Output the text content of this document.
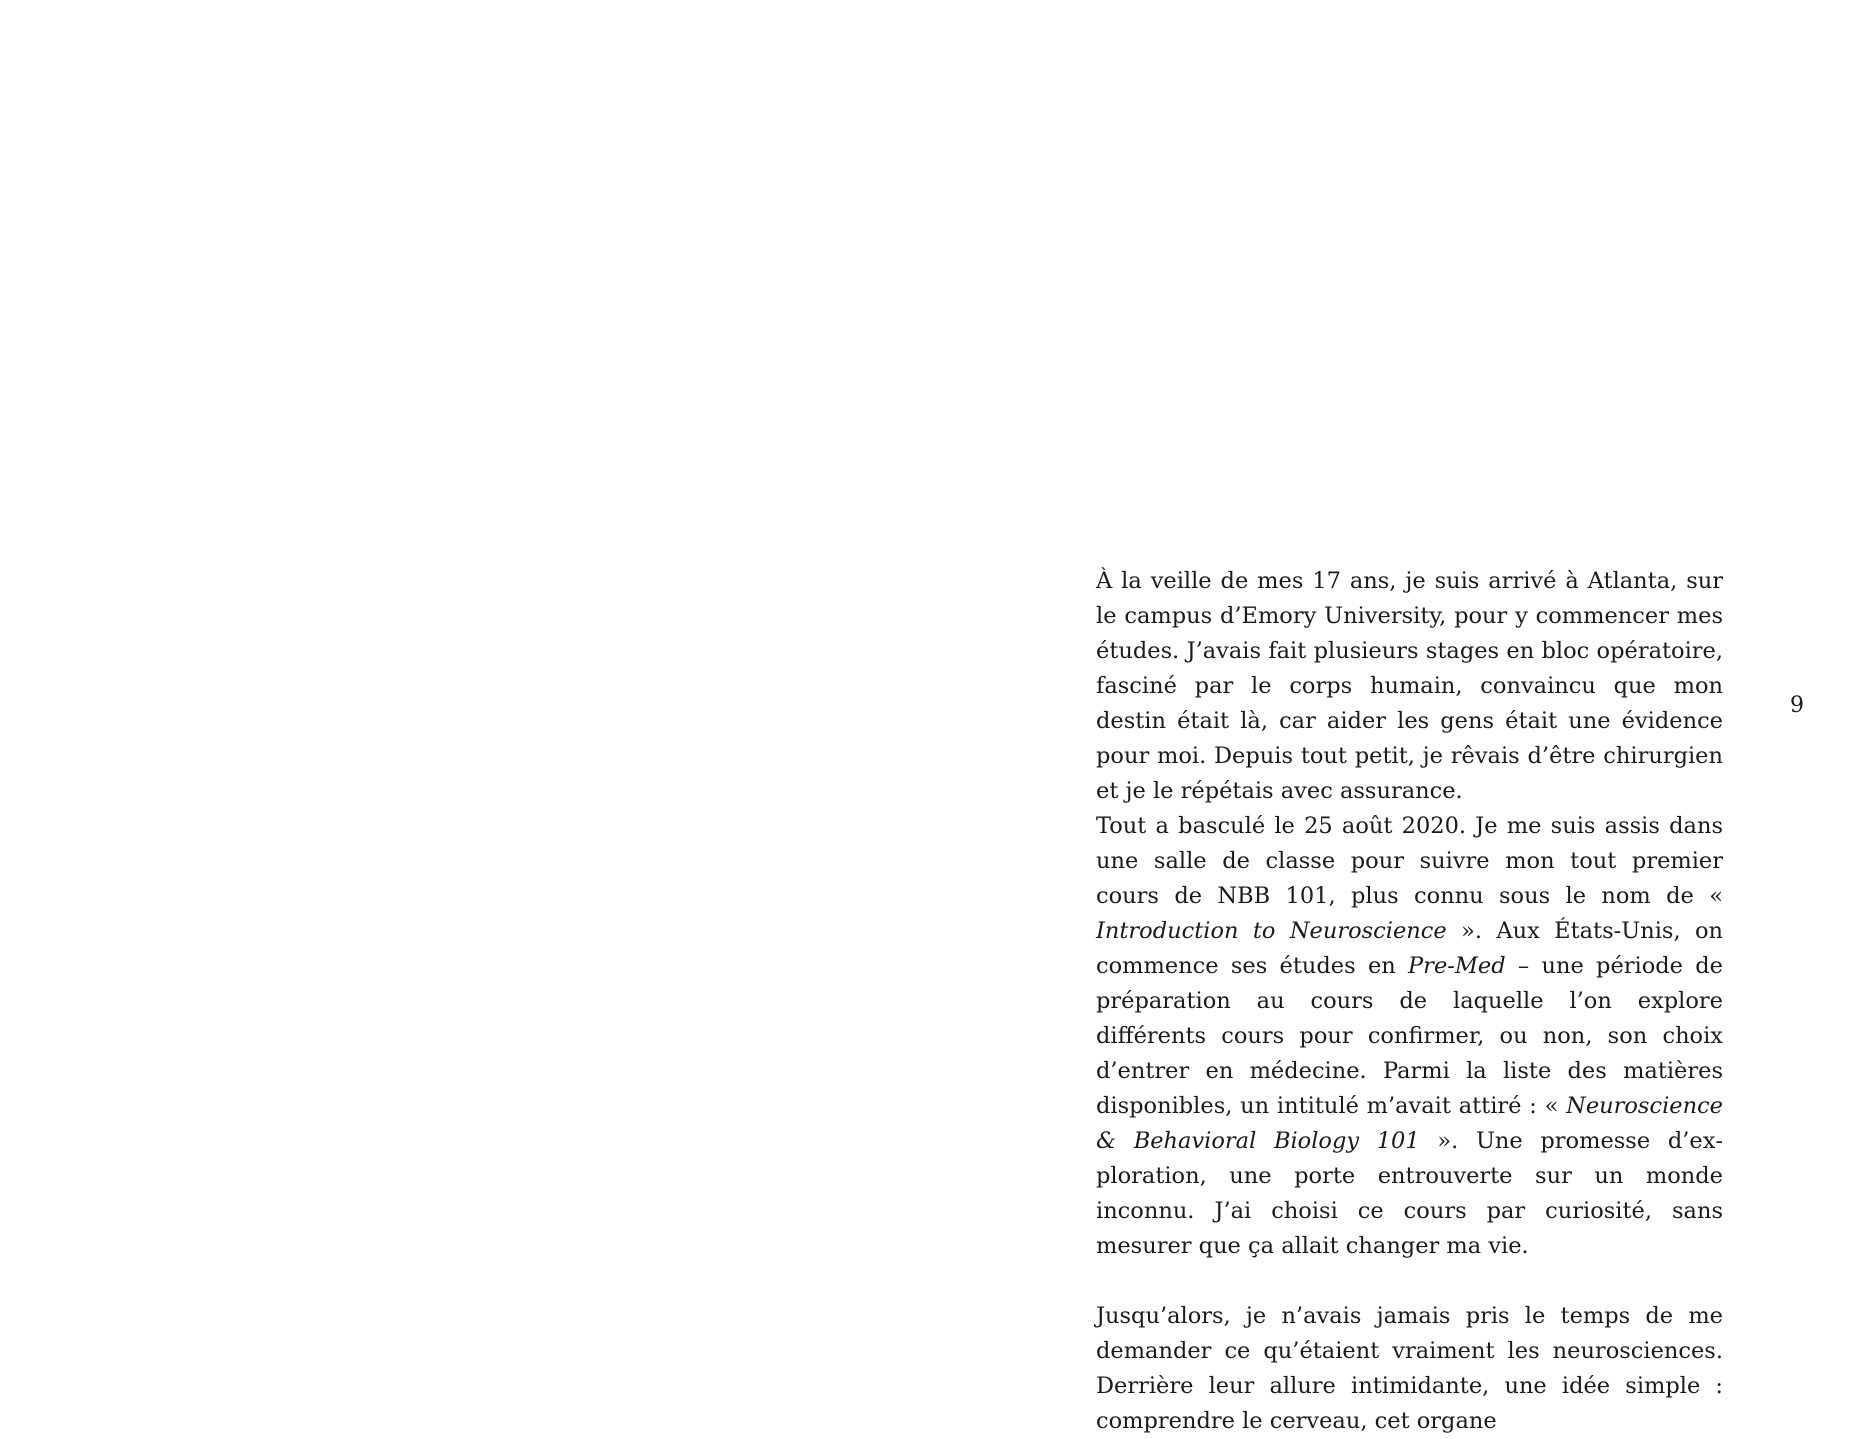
À la veille de mes 17 ans, je suis arrivé à Atlanta, sur le campus d’Emory University, pour y commencer mes études. J’avais fait plusieurs stages en bloc opératoire, fasciné par le corps humain, convaincu que mon destin était là, car aider les gens était une évidence pour moi. Depuis tout petit, je rêvais d’être chirurgien et je le répétais avec assurance.

Tout a basculé le 25 août 2020. Je me suis assis dans une salle de classe pour suivre mon tout premier cours de NBB 101, plus connu sous le nom de « Introduction to Neuroscience ». Aux États-Unis, on commence ses études en Pre-Med – une période de préparation au cours de laquelle l’on explore différents cours pour confirmer, ou non, son choix d’entrer en médecine. Parmi la liste des matières disponibles, un intitulé m’avait attiré : « Neuroscience & Behavioral Biology 101 ». Une promesse d’exploration, une porte entrouverte sur un monde inconnu. J’ai choisi ce cours par curiosité, sans mesurer que ça allait changer ma vie.

Jusqu’alors, je n’avais jamais pris le temps de me demander ce qu’étaient vraiment les neurosciences. Derrière leur allure intimidante, une idée simple : comprendre le cerveau, cet organe

9
